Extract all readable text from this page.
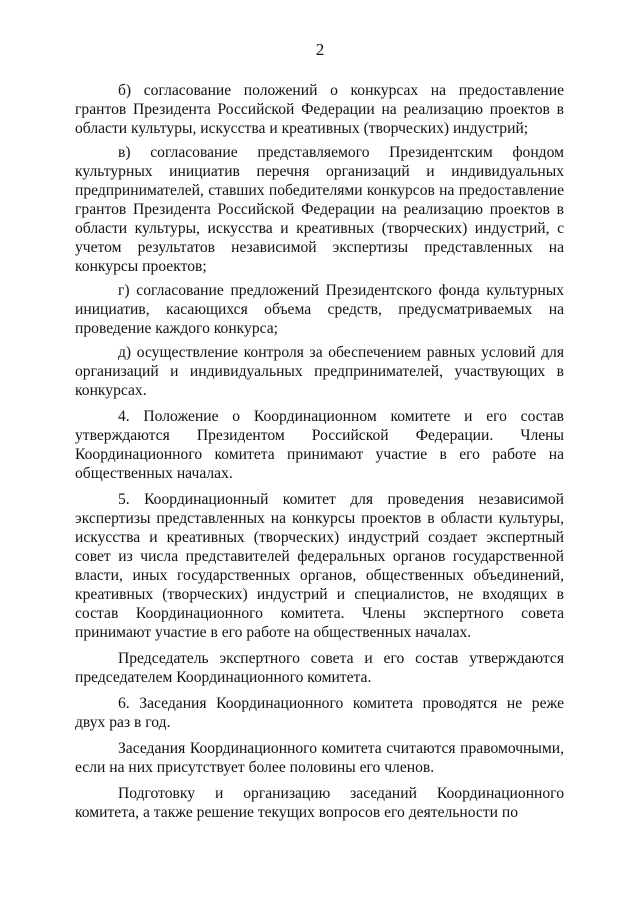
2

б) согласование положений о конкурсах на предоставление грантов Президента Российской Федерации на реализацию проектов в области культуры, искусства и креативных (творческих) индустрий;

в) согласование представляемого Президентским фондом культурных инициатив перечня организаций и индивидуальных предпринимателей, ставших победителями конкурсов на предоставление грантов Президента Российской Федерации на реализацию проектов в области культуры, искусства и креативных (творческих) индустрий, с учетом результатов независимой экспертизы представленных на конкурсы проектов;

г) согласование предложений Президентского фонда культурных инициатив, касающихся объема средств, предусматриваемых на проведение каждого конкурса;

д) осуществление контроля за обеспечением равных условий для организаций и индивидуальных предпринимателей, участвующих в конкурсах.

4. Положение о Координационном комитете и его состав утверждаются Президентом Российской Федерации. Члены Координационного комитета принимают участие в его работе на общественных началах.

5. Координационный комитет для проведения независимой экспертизы представленных на конкурсы проектов в области культуры, искусства и креативных (творческих) индустрий создает экспертный совет из числа представителей федеральных органов государственной власти, иных государственных органов, общественных объединений, креативных (творческих) индустрий и специалистов, не входящих в состав Координационного комитета. Члены экспертного совета принимают участие в его работе на общественных началах.

Председатель экспертного совета и его состав утверждаются председателем Координационного комитета.

6. Заседания Координационного комитета проводятся не реже двух раз в год.

Заседания Координационного комитета считаются правомочными, если на них присутствует более половины его членов.

Подготовку и организацию заседаний Координационного комитета, а также решение текущих вопросов его деятельности по
